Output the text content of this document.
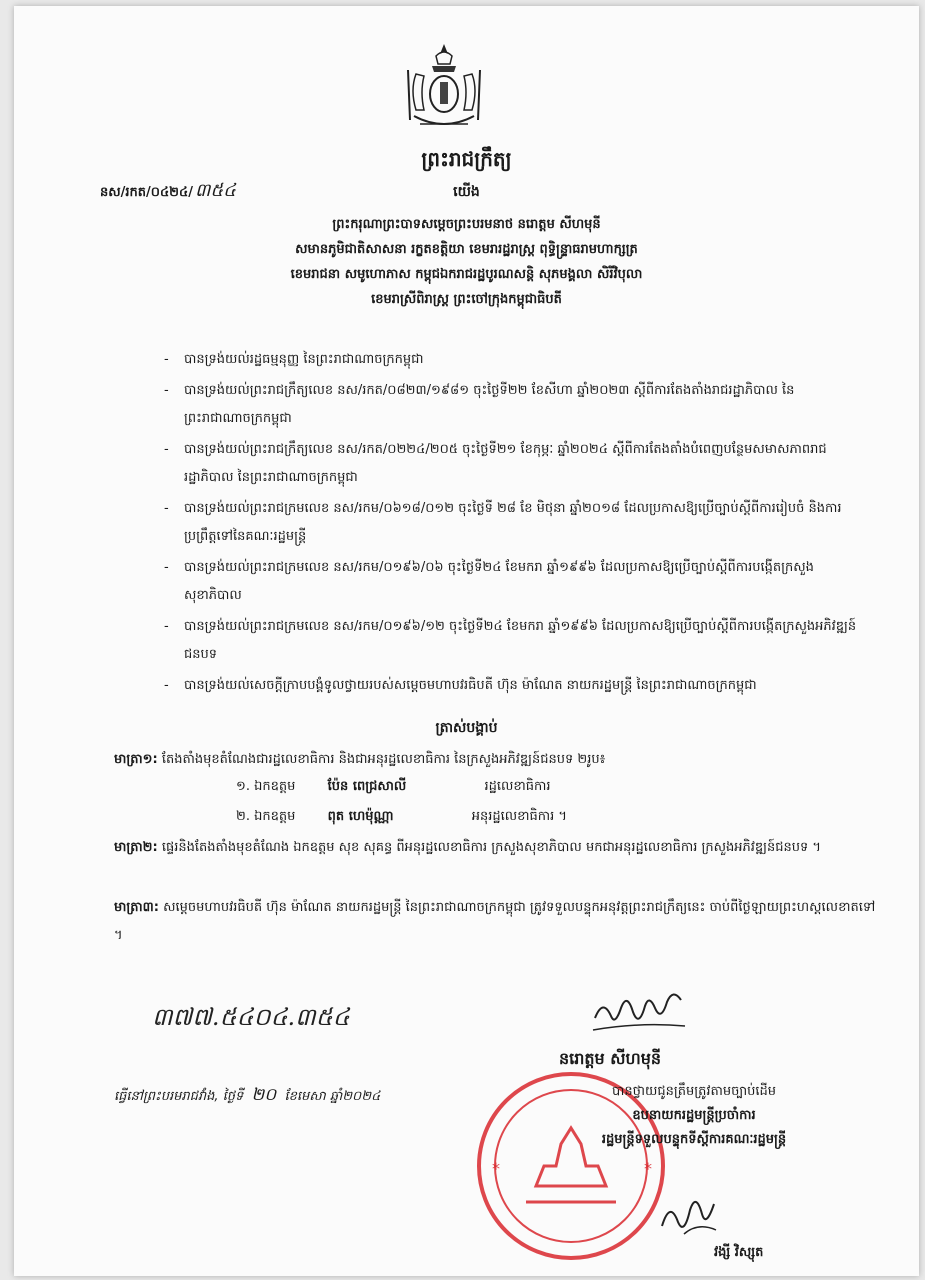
ព្រះរាជក្រឹត្យ
នស/រកត/០៤២៤/ ៣៥៤	យើង
ព្រះករុណាព្រះបាទសម្តេចព្រះបរមនាថ នរោត្តម សីហមុនី
សមានភូមិជាតិសាសនា រក្ខតខត្តិយា ខេមរារដ្ឋរាស្ត្រ ពុទ្ធិន្ទ្រាធរាមហាក្សត្រ
ខេមរាជនា សមូហោភាស កម្ពុជឯករាជរដ្ឋបូរណសន្តិ សុភមង្គលា សិរីវិបុលា
ខេមរាស្រីពិរាស្ត្រ ព្រះចៅក្រុងកម្ពុជាធិបតី
- បានទ្រង់យល់រដ្ឋធម្មនុញ្ញ នៃព្រះរាជាណាចក្រកម្ពុជា
- បានទ្រង់យល់ព្រះរាជក្រឹត្យលេខ នស/រកត/០៨២៣/១៩៨១ ចុះថ្ងៃទី២២ ខែសីហា ឆ្នាំ២០២៣ ស្តីពីការតែងតាំងរាជរដ្ឋាភិបាល នៃព្រះរាជាណាចក្រកម្ពុជា
- បានទ្រង់យល់ព្រះរាជក្រឹត្យលេខ នស/រកត/០២២៤/២០៥ ចុះថ្ងៃទី២១ ខែកុម្ភៈ ឆ្នាំ២០២៤ ស្តីពីការតែងតាំងបំពេញបន្ថែមសមាសភាពរាជរដ្ឋាភិបាល នៃព្រះរាជាណាចក្រកម្ពុជា
- បានទ្រង់យល់ព្រះរាជក្រមលេខ នស/រកម/០៦១៨/០១២ ចុះថ្ងៃទី ២៨ ខែ មិថុនា ឆ្នាំ២០១៨ ដែលប្រកាសឱ្យប្រើច្បាប់ស្តីពីការរៀបចំ និងការប្រព្រឹត្តទៅនៃគណៈរដ្ឋមន្ត្រី
- បានទ្រង់យល់ព្រះរាជក្រមលេខ នស/រកម/០១៩៦/០៦ ចុះថ្ងៃទី២៤ ខែមករា ឆ្នាំ១៩៩៦ ដែលប្រកាសឱ្យប្រើច្បាប់ស្តីពីការបង្កើតក្រសួងសុខាភិបាល
- បានទ្រង់យល់ព្រះរាជក្រមលេខ នស/រកម/០១៩៦/១២ ចុះថ្ងៃទី២៤ ខែមករា ឆ្នាំ១៩៩៦ ដែលប្រកាសឱ្យប្រើច្បាប់ស្តីពីការបង្កើតក្រសួងអភិវឌ្ឍន៍ជនបទ
- បានទ្រង់យល់សេចក្តីក្រាបបង្គំទូលថ្វាយរបស់សម្តេចមហាបវរធិបតី ហ៊ុន ម៉ាណែត នាយករដ្ឋមន្ត្រី នៃព្រះរាជាណាចក្រកម្ពុជា
ត្រាស់បង្គាប់
មាត្រា១: តែងតាំងមុខតំណែងជារដ្ឋលេខាធិការ និងជាអនុរដ្ឋលេខាធិការ នៃក្រសួងអភិវឌ្ឍន៍ជនបទ ២រូប៖
១. ឯកឧត្តម ប៉ែន ពេជ្រសាលី	រដ្ឋលេខាធិការ
២. ឯកឧត្តម ពុត ហេម៉ុណ្ណា	អនុរដ្ឋលេខាធិការ ។
មាត្រា២: ផ្ទេរនិងតែងតាំងមុខតំណែង ឯកឧត្តម សុខ សុគន្ធ ពីអនុរដ្ឋលេខាធិការ ក្រសួងសុខាភិបាល មកជាអនុរដ្ឋលេខាធិការ ក្រសួងអភិវឌ្ឍន៍ជនបទ ។
មាត្រា៣: សម្តេចមហាបវរធិបតី ហ៊ុន ម៉ាណែត នាយករដ្ឋមន្ត្រី នៃព្រះរាជាណាចក្រកម្ពុជា ត្រូវទទួលបន្ទុកអនុវត្តព្រះរាជក្រឹត្យនេះ ចាប់ពីថ្ងៃឡាយព្រះហស្តលេខាតទៅ ។
៣៧៧.៥៤០៤.៣៥៤
នរោត្តម សីហមុនី
ធ្វើនៅព្រះបរមរាជវាំង, ថ្ងៃទី ២០ ខែមេសា ឆ្នាំ២០២៤
*	*
បានថ្វាយជូនត្រឹមត្រូវតាមច្បាប់ដើម
ឧបនាយករដ្ឋមន្ត្រីប្រចាំការ
រដ្ឋមន្ត្រីទទួលបន្ទុកទីស្តីការគណៈរដ្ឋមន្ត្រី
វង្សី វិស្សុត
